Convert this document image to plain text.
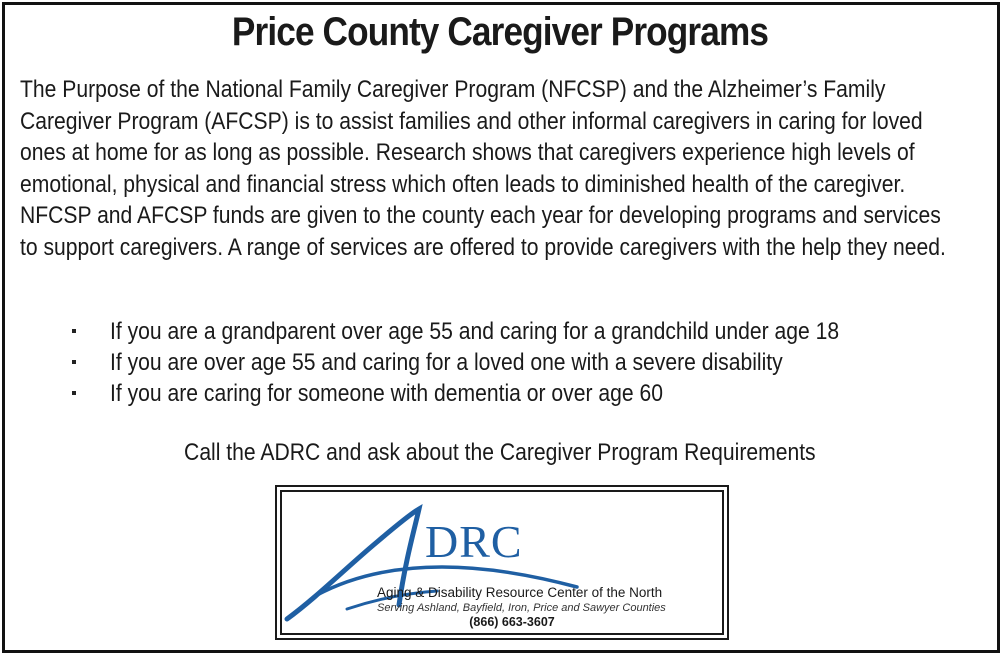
Price County Caregiver Programs

The Purpose of the National Family Caregiver Program (NFCSP) and the Alzheimer’s Family Caregiver Program (AFCSP) is to assist families and other informal caregivers in caring for loved ones at home for as long as possible. Research shows that caregivers experience high levels of emotional, physical and financial stress which often leads to diminished health of the caregiver. NFCSP and AFCSP funds are given to the county each year for developing programs and services to support caregivers. A range of services are offered to provide caregivers with the help they need.

If you are a grandparent over age 55 and caring for a grandchild under age 18
If you are over age 55 and caring for a loved one with a severe disability
If you are caring for someone with dementia or over age 60
Call the ADRC and ask about the Caregiver Program Requirements
DRC
Aging & Disability Resource Center of the North
Serving Ashland, Bayfield, Iron, Price and Sawyer Counties
(866) 663-3607
